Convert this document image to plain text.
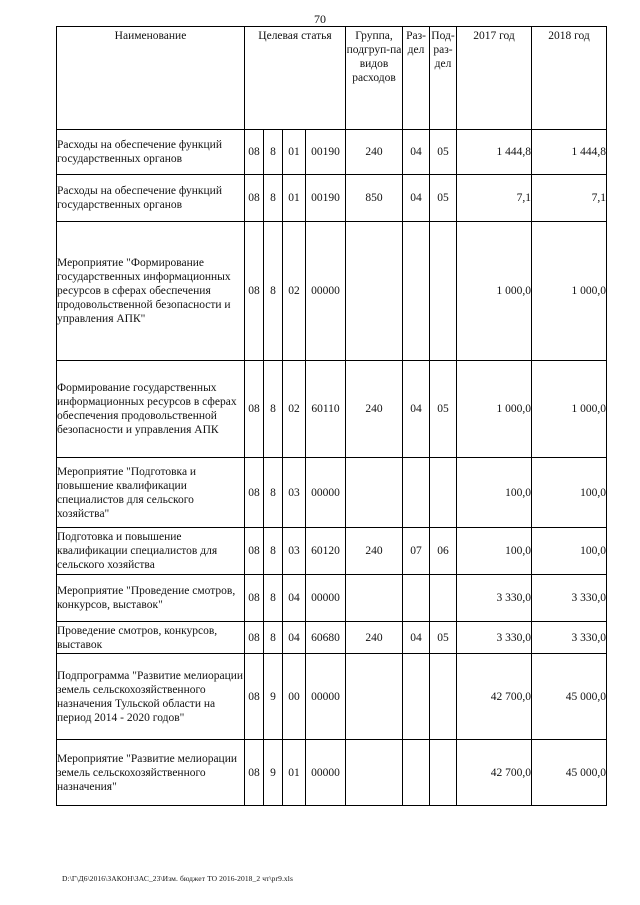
70
Наименование	Целевая статья				Группа, подгруп-па видов расходов	Раз-дел	Под-раз-дел	2017 год	2018 год
Расходы на обеспечение функций государственных органов	08	8	01	00190	240	04	05	1 444,8	1 444,8
Расходы на обеспечение функций государственных органов	08	8	01	00190	850	04	05	7,1	7,1
Мероприятие "Формирование государственных информационных ресурсов в сферах обеспечения продовольственной безопасности и управления АПК"	08	8	02	00000				1 000,0	1 000,0
Формирование государственных информационных ресурсов в сферах обеспечения продовольственной безопасности и управления АПК	08	8	02	60110	240	04	05	1 000,0	1 000,0
Мероприятие "Подготовка и повышение квалификации специалистов для сельского хозяйства"	08	8	03	00000				100,0	100,0
Подготовка и повышение квалификации специалистов для сельского хозяйства	08	8	03	60120	240	07	06	100,0	100,0
Мероприятие "Проведение смотров, конкурсов, выставок"	08	8	04	00000				3 330,0	3 330,0
Проведение смотров, конкурсов, выставок	08	8	04	60680	240	04	05	3 330,0	3 330,0
Подпрограмма "Развитие мелиорации земель сельскохозяйственного назначения Тульской области на период 2014 - 2020 годов"	08	9	00	00000				42 700,0	45 000,0
Мероприятие "Развитие мелиорации земель сельскохозяйственного назначения"	08	9	01	00000				42 700,0	45 000,0
D:\Г\Д6\2016\ЗАКОН\ЗАС_23\Изм. бюджет ТО 2016-2018_2 чт\pr9.xls
